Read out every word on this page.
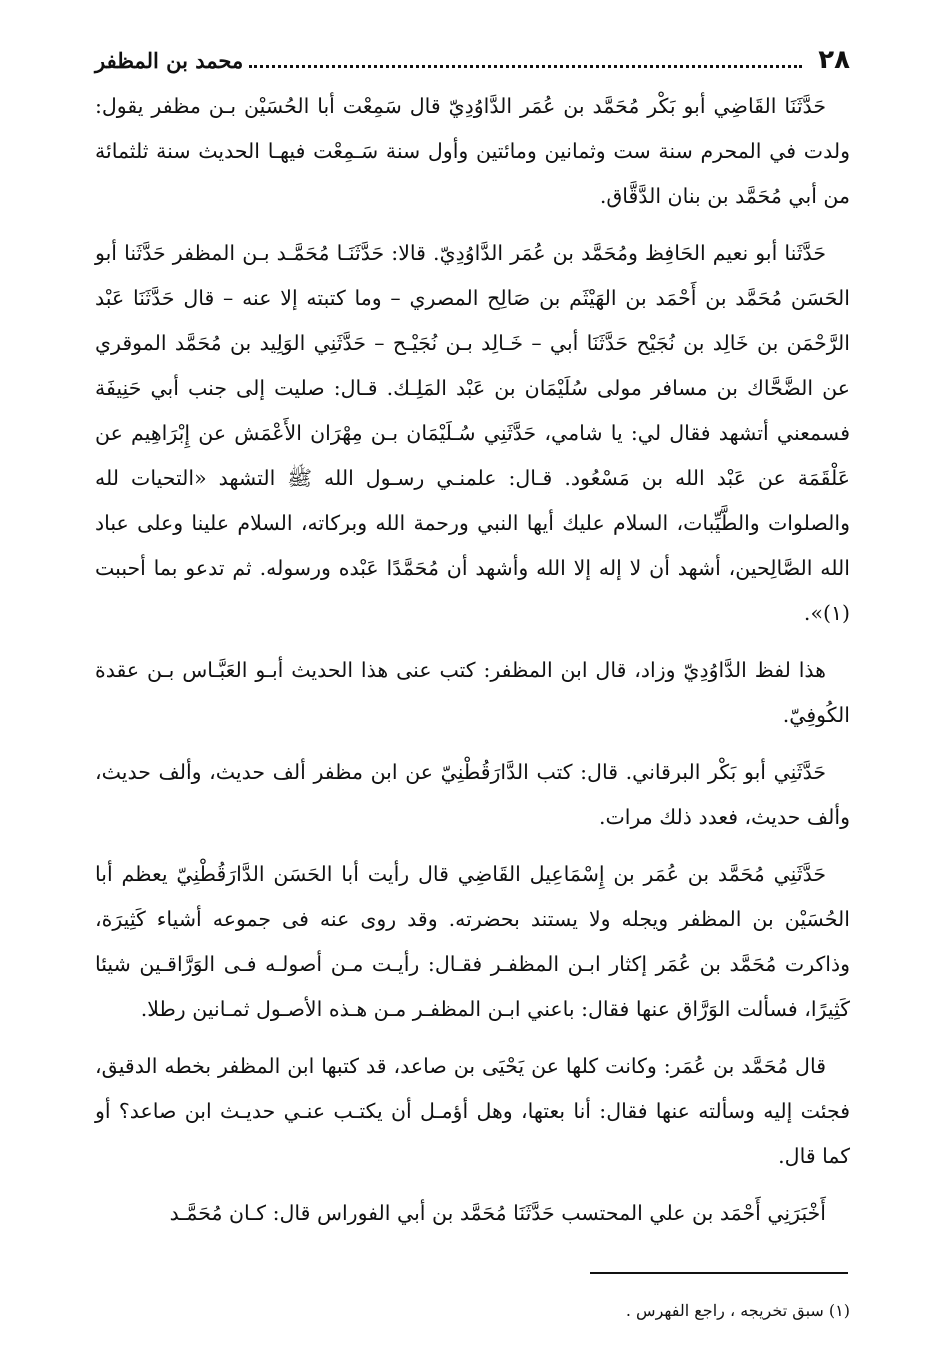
٢٨
محمد بن المظفر

حَدَّثَنَا القَاضِي أبو بَكْر مُحَمَّد بن عُمَر الدَّاوُدِيّ قال سَمِعْت أبا الحُسَيْن بـن مظفر يقول: ولدت في المحرم سنة ست وثمانين ومائتين وأول سنة سَـمِعْت فيهـا الحديث سنة ثلثمائة من أبي مُحَمَّد بن بنان الدَّقَّاق.

حَدَّثَنا أبو نعيم الحَافِظ ومُحَمَّد بن عُمَر الدَّاوُدِيّ. قالا: حَدَّثَنَـا مُحَمَّـد بـن المظفر حَدَّثَنا أبو الحَسَن مُحَمَّد بن أَحْمَد بن الهَيْثَم بن صَالِح المصري – وما كتبته إلا عنه – قال حَدَّثَنَا عَبْد الرَّحْمَن بن خَالِد بن نُجَيْح حَدَّثَنَا أبي – خَـالِد بـن نُجَيْـح – حَدَّثَنِي الوَلِيد بن مُحَمَّد الموقري عن الضَّحَّاك بن مسافر مولى سُلَيْمَان بن عَبْد المَلِـك. قـال: صليت إلى جنب أبي حَنِيفَة فسمعني أتشهد فقال لي: يا شامي، حَدَّثَنِي سُـلَيْمَان بـن مِهْرَان الأَعْمَش عن إِبْرَاهِيم عن عَلْقَمَة عن عَبْد الله بن مَسْعُود. قـال: علمنـي رسـول الله ﷺ التشهد «التحيات لله والصلوات والطَّيِّبات، السلام عليك أيها النبي ورحمة الله وبركاته، السلام علينا وعلى عباد الله الصَّالِحين، أشهد أن لا إله إلا الله وأشهد أن مُحَمَّدًا عَبْده ورسوله. ثم تدعو بما أحببت (١)».

هذا لفظ الدَّاوُدِيّ وزاد، قال ابن المظفر: كتب عنى هذا الحديث أبـو العَبَّـاس بـن عقدة الكُوفِيّ.

حَدَّثَنِي أبو بَكْر البرقاني. قال: كتب الدَّارَقُطْنِيّ عن ابن مظفر ألف حديث، وألف حديث، وألف حديث، فعدد ذلك مرات.

حَدَّثَنِي مُحَمَّد بن عُمَر بن إِسْمَاعِيل القَاضِي قال رأيت أبا الحَسَن الدَّارَقُطْنِيّ يعظم أبا الحُسَيْن بن المظفر ويجله ولا يستند بحضرته. وقد روى عنه فى جموعه أشياء كَثِيرَة، وذاكرت مُحَمَّد بن عُمَر إكثار ابـن المظفـر فقـال: رأيـت مـن أصولـه فـى الوَرَّاقـين شيئا كَثِيرًا، فسألت الوَرَّاق عنها فقال: باعني ابـن المظفـر مـن هـذه الأصـول ثمـانين رطلا.

قال مُحَمَّد بن عُمَر: وكانت كلها عن يَحْيَى بن صاعد، قد كتبها ابن المظفر بخطه الدقيق، فجئت إليه وسألته عنها فقال: أنا بعتها، وهل أؤمـل أن يكتـب عنـي حديـث ابن صاعد؟ أو كما قال.

أَخْبَرَنِي أَحْمَد بن علي المحتسب حَدَّثَنَا مُحَمَّد بن أبي الفوراس قال: كـان مُحَمَّـد

(١) سبق تخريجه ، راجع الفهرس .
